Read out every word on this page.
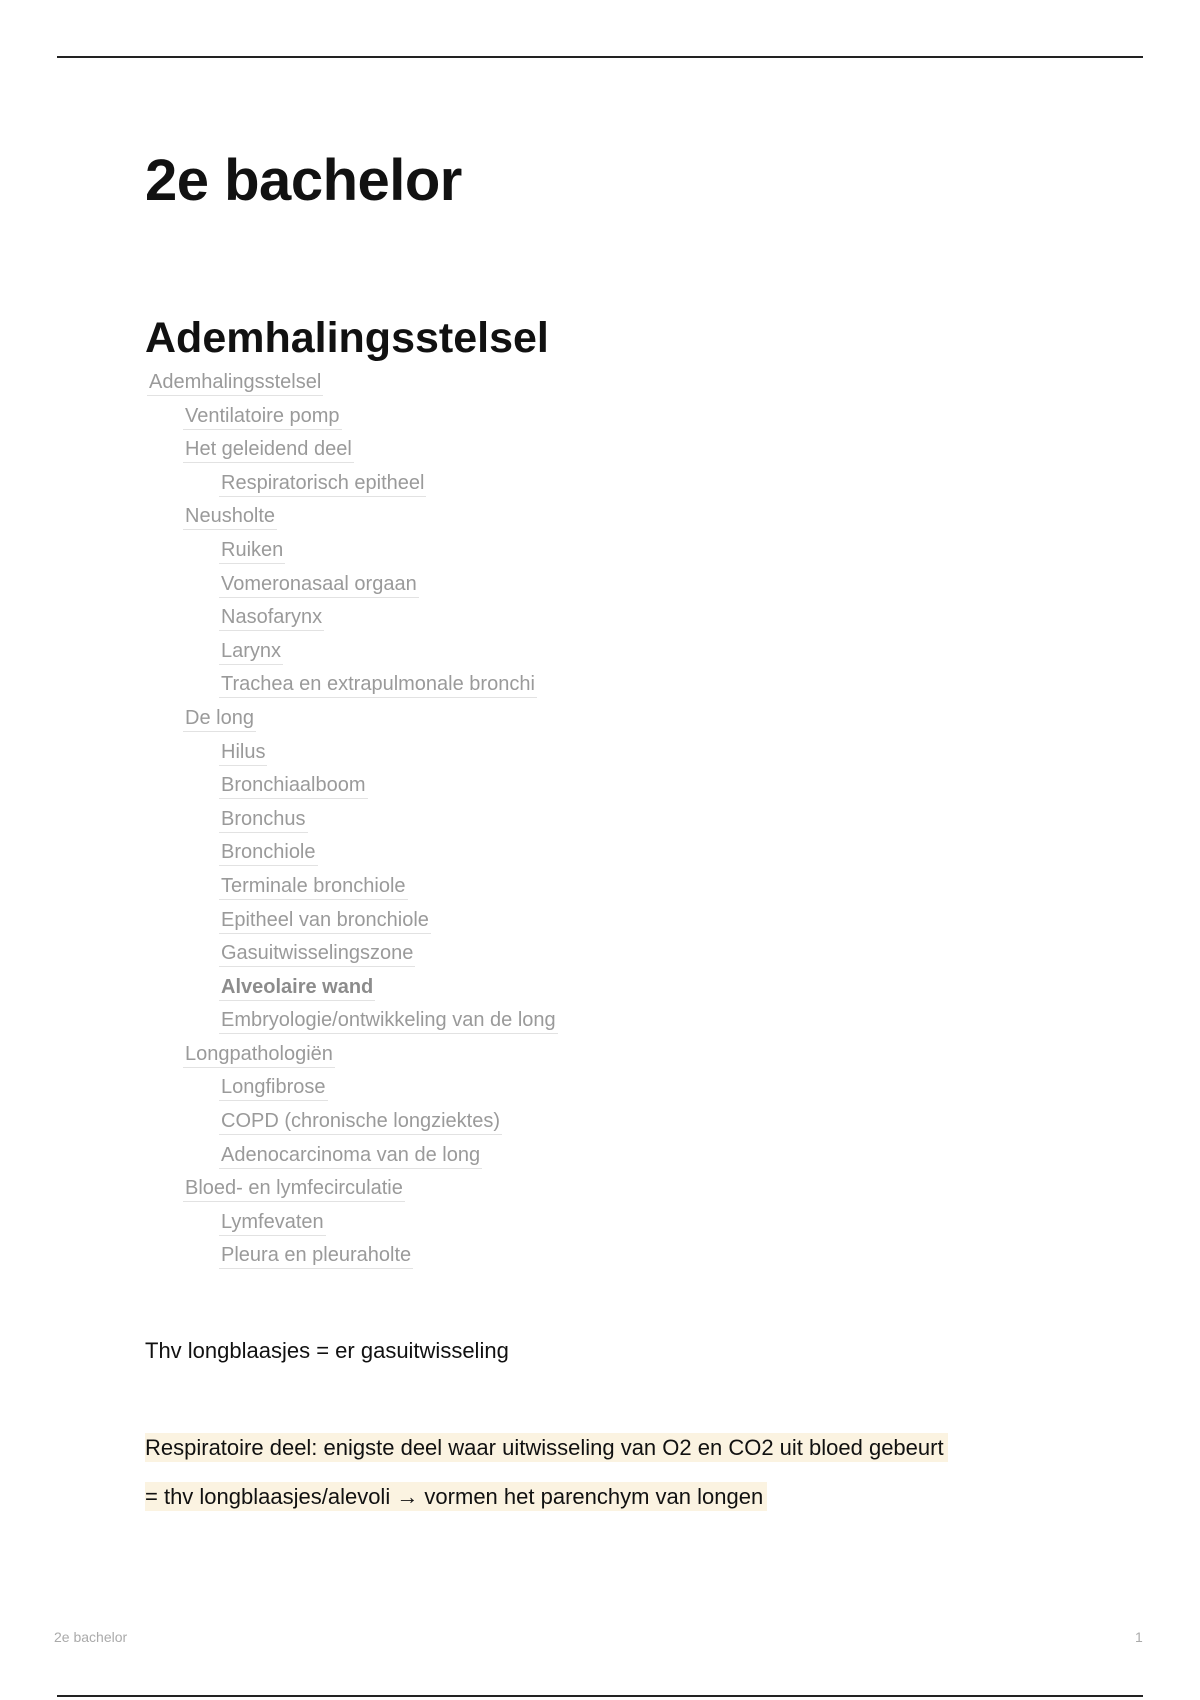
2e bachelor
Ademhalingsstelsel
Ademhalingsstelsel
Ventilatoire pomp
Het geleidend deel
Respiratorisch epitheel
Neusholte
Ruiken
Vomeronasaal orgaan
Nasofarynx
Larynx
Trachea en extrapulmonale bronchi
De long
Hilus
Bronchiaalboom
Bronchus
Bronchiole
Terminale bronchiole
Epitheel van bronchiole
Gasuitwisselingszone
Alveolaire wand
Embryologie/ontwikkeling van de long
Longpathologiën
Longfibrose
COPD (chronische longziektes)
Adenocarcinoma van de long
Bloed- en lymfecirculatie
Lymfevaten
Pleura en pleuraholte

Thv longblaasjes = er gasuitwisseling

Respiratoire deel: enigste deel waar uitwisseling van O2 en CO2 uit bloed gebeurt

= thv longblaasjes/alevoli → vormen het parenchym van longen

2e bachelor	1
